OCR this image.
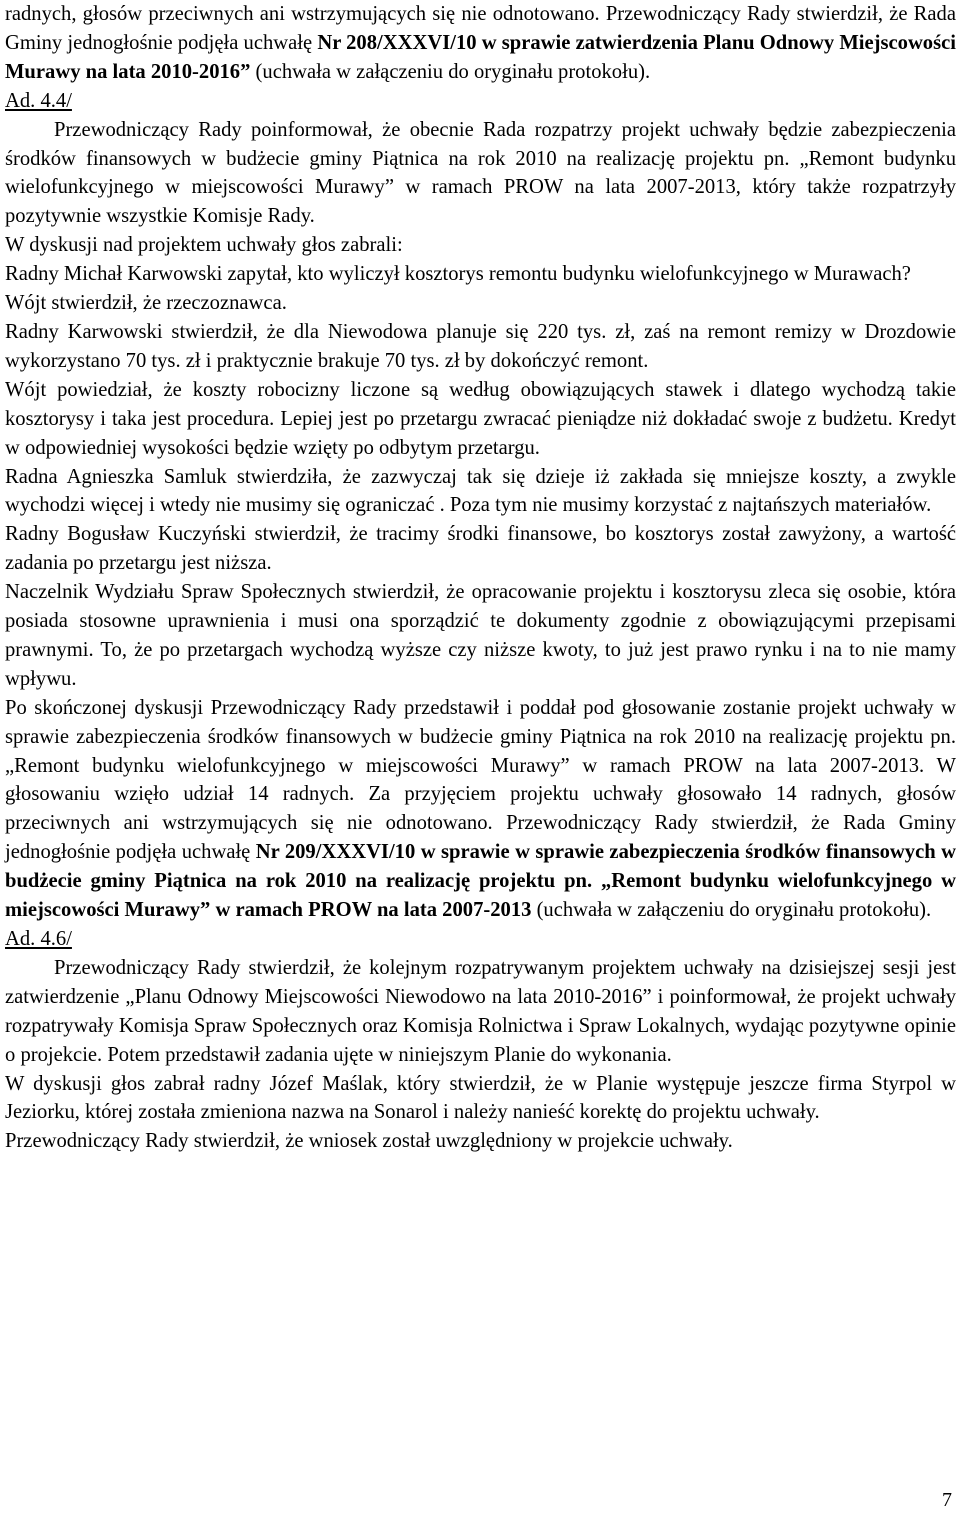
radnych, głosów przeciwnych ani wstrzymujących się nie odnotowano. Przewodniczący Rady stwierdził, że Rada Gminy jednogłośnie podjęła uchwałę Nr 208/XXXVI/10 w sprawie zatwierdzenia Planu Odnowy Miejscowości Murawy na lata 2010-2016” (uchwała w załączeniu do oryginału protokołu).

Ad. 4.4/

Przewodniczący Rady poinformował, że obecnie Rada rozpatrzy projekt uchwały będzie zabezpieczenia środków finansowych w budżecie gminy Piątnica na rok 2010 na realizację projektu pn. „Remont budynku wielofunkcyjnego w miejscowości Murawy” w ramach PROW na lata 2007-2013, który także rozpatrzyły pozytywnie wszystkie Komisje Rady.

W dyskusji nad projektem uchwały głos zabrali:

Radny Michał Karwowski zapytał, kto wyliczył kosztorys remontu budynku wielofunkcyjnego w Murawach?

Wójt stwierdził, że rzeczoznawca.

Radny Karwowski stwierdził, że dla Niewodowa planuje się 220 tys. zł, zaś na remont remizy w Drozdowie wykorzystano 70 tys. zł i praktycznie brakuje 70 tys. zł by dokończyć remont.

Wójt powiedział, że koszty robocizny liczone są według obowiązujących stawek i dlatego wychodzą takie kosztorysy i taka jest procedura. Lepiej jest po przetargu zwracać pieniądze niż dokładać swoje z budżetu. Kredyt w odpowiedniej wysokości będzie wzięty po odbytym przetargu.

Radna Agnieszka Samluk stwierdziła, że zazwyczaj tak się dzieje iż zakłada się mniejsze koszty, a zwykle wychodzi więcej i wtedy nie musimy się ograniczać . Poza tym nie musimy korzystać z najtańszych materiałów.

Radny Bogusław Kuczyński stwierdził, że tracimy środki finansowe, bo kosztorys został zawyżony, a wartość zadania po przetargu jest niższa.

Naczelnik Wydziału Spraw Społecznych stwierdził, że opracowanie projektu i kosztorysu zleca się osobie, która posiada stosowne uprawnienia i musi ona sporządzić te dokumenty zgodnie z obowiązującymi przepisami prawnymi. To, że po przetargach wychodzą wyższe czy niższe kwoty, to już jest prawo rynku i na to nie mamy wpływu.

Po skończonej dyskusji Przewodniczący Rady przedstawił i poddał pod głosowanie zostanie projekt uchwały w sprawie zabezpieczenia środków finansowych w budżecie gminy Piątnica na rok 2010 na realizację projektu pn. „Remont budynku wielofunkcyjnego w miejscowości Murawy” w ramach PROW na lata 2007-2013. W głosowaniu wzięło udział 14 radnych. Za przyjęciem projektu uchwały głosowało 14 radnych, głosów przeciwnych ani wstrzymujących się nie odnotowano. Przewodniczący Rady stwierdził, że Rada Gminy jednogłośnie podjęła uchwałę Nr 209/XXXVI/10 w sprawie w sprawie zabezpieczenia środków finansowych w budżecie gminy Piątnica na rok 2010 na realizację projektu pn. „Remont budynku wielofunkcyjnego w miejscowości Murawy” w ramach PROW na lata 2007-2013 (uchwała w załączeniu do oryginału protokołu).

Ad. 4.6/

Przewodniczący Rady stwierdził, że kolejnym rozpatrywanym projektem uchwały na dzisiejszej sesji jest zatwierdzenie „Planu Odnowy Miejscowości Niewodowo na lata 2010-2016” i poinformował, że projekt uchwały rozpatrywały Komisja Spraw Społecznych oraz Komisja Rolnictwa i Spraw Lokalnych, wydając pozytywne opinie o projekcie. Potem przedstawił zadania ujęte w niniejszym Planie do wykonania.

W dyskusji głos zabrał radny Józef Maślak, który stwierdził, że w Planie występuje jeszcze firma Styrpol w Jeziorku, której została zmieniona nazwa na Sonarol i należy nanieść korektę do projektu uchwały.

Przewodniczący Rady stwierdził, że wniosek został uwzględniony w projekcie uchwały.

7
